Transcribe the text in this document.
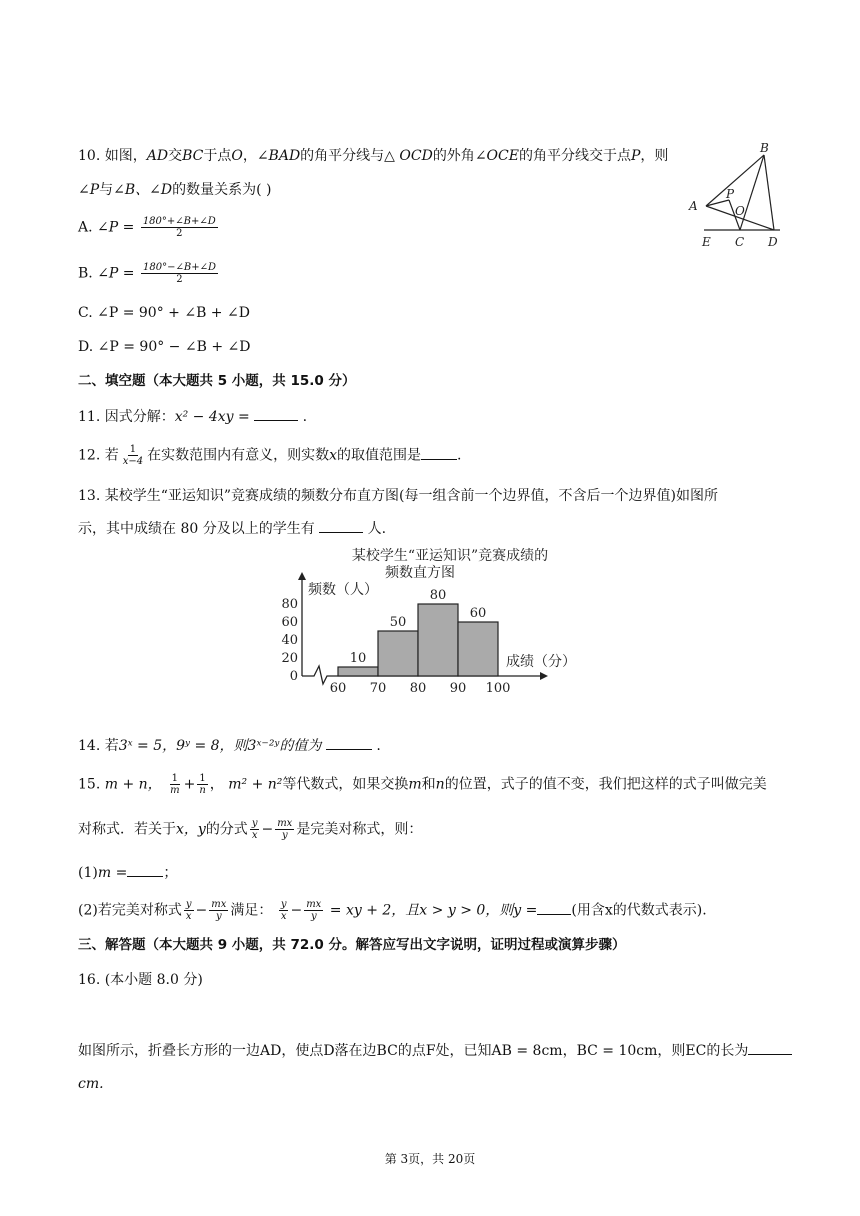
10. 如图，AD交BC于点O，∠BAD的角平分线与△ OCD的外角∠OCE的角平分线交于点P，则
∠P与∠B、∠D的数量关系为( )
A. ∠P = $\frac{180^\circ+\angle B+\angle D}{2}$
B. ∠P = $\frac{180^\circ-\angle B+\angle D}{2}$
C. ∠P = 90° + ∠B + ∠D
D. ∠P = 90° − ∠B + ∠D
B
A
P
O
E C D
二、填空题（本大题共 5 小题，共 15.0 分）
11. 因式分解：x² − 4xy =	.
12. 若 $\frac{1}{x-4}$ 在实数范围内有意义，则实数x的取值范围是	.
13. 某校学生“亚运知识”竞赛成绩的频数分布直方图(每一组含前一个边界值，不含后一个边界值)如图所
示，其中成绩在 80 分及以上的学生有	人.
某校学生“亚运知识”竞赛成绩的
频数直方图
频数（人）
成绩（分）
10
50
80
60
0
20
40
60
80
60 70 80 90 100
14. 若3ˣ = 5，9ʸ = 8，则3ˣ⁻²ʸ的值为	.
15. m + n， $\frac{1}{m} + \frac{1}{n}$ ， m² + n²等代数式，如果交换m和n的位置，式子的值不变，我们把这样的式子叫做完美
对称式．若关于x，y的分式 $\frac{y}{x} - \frac{mx}{y}$ 是完美对称式，则：
(1)m =	；
(2)若完美对称式 $\frac{y}{x} - \frac{mx}{y}$ 满足： $\frac{y}{x} - \frac{mx}{y}$ = xy + 2，且x > y > 0，则y = (用含x的代数式表示).
三、解答题（本大题共 9 小题，共 72.0 分。解答应写出文字说明，证明过程或演算步骤）
16. (本小题 8.0 分)
如图所示，折叠长方形的一边AD，使点D落在边BC的点F处，已知AB = 8cm，BC = 10cm，则EC的长为
cm.
第 3页，共 20页
